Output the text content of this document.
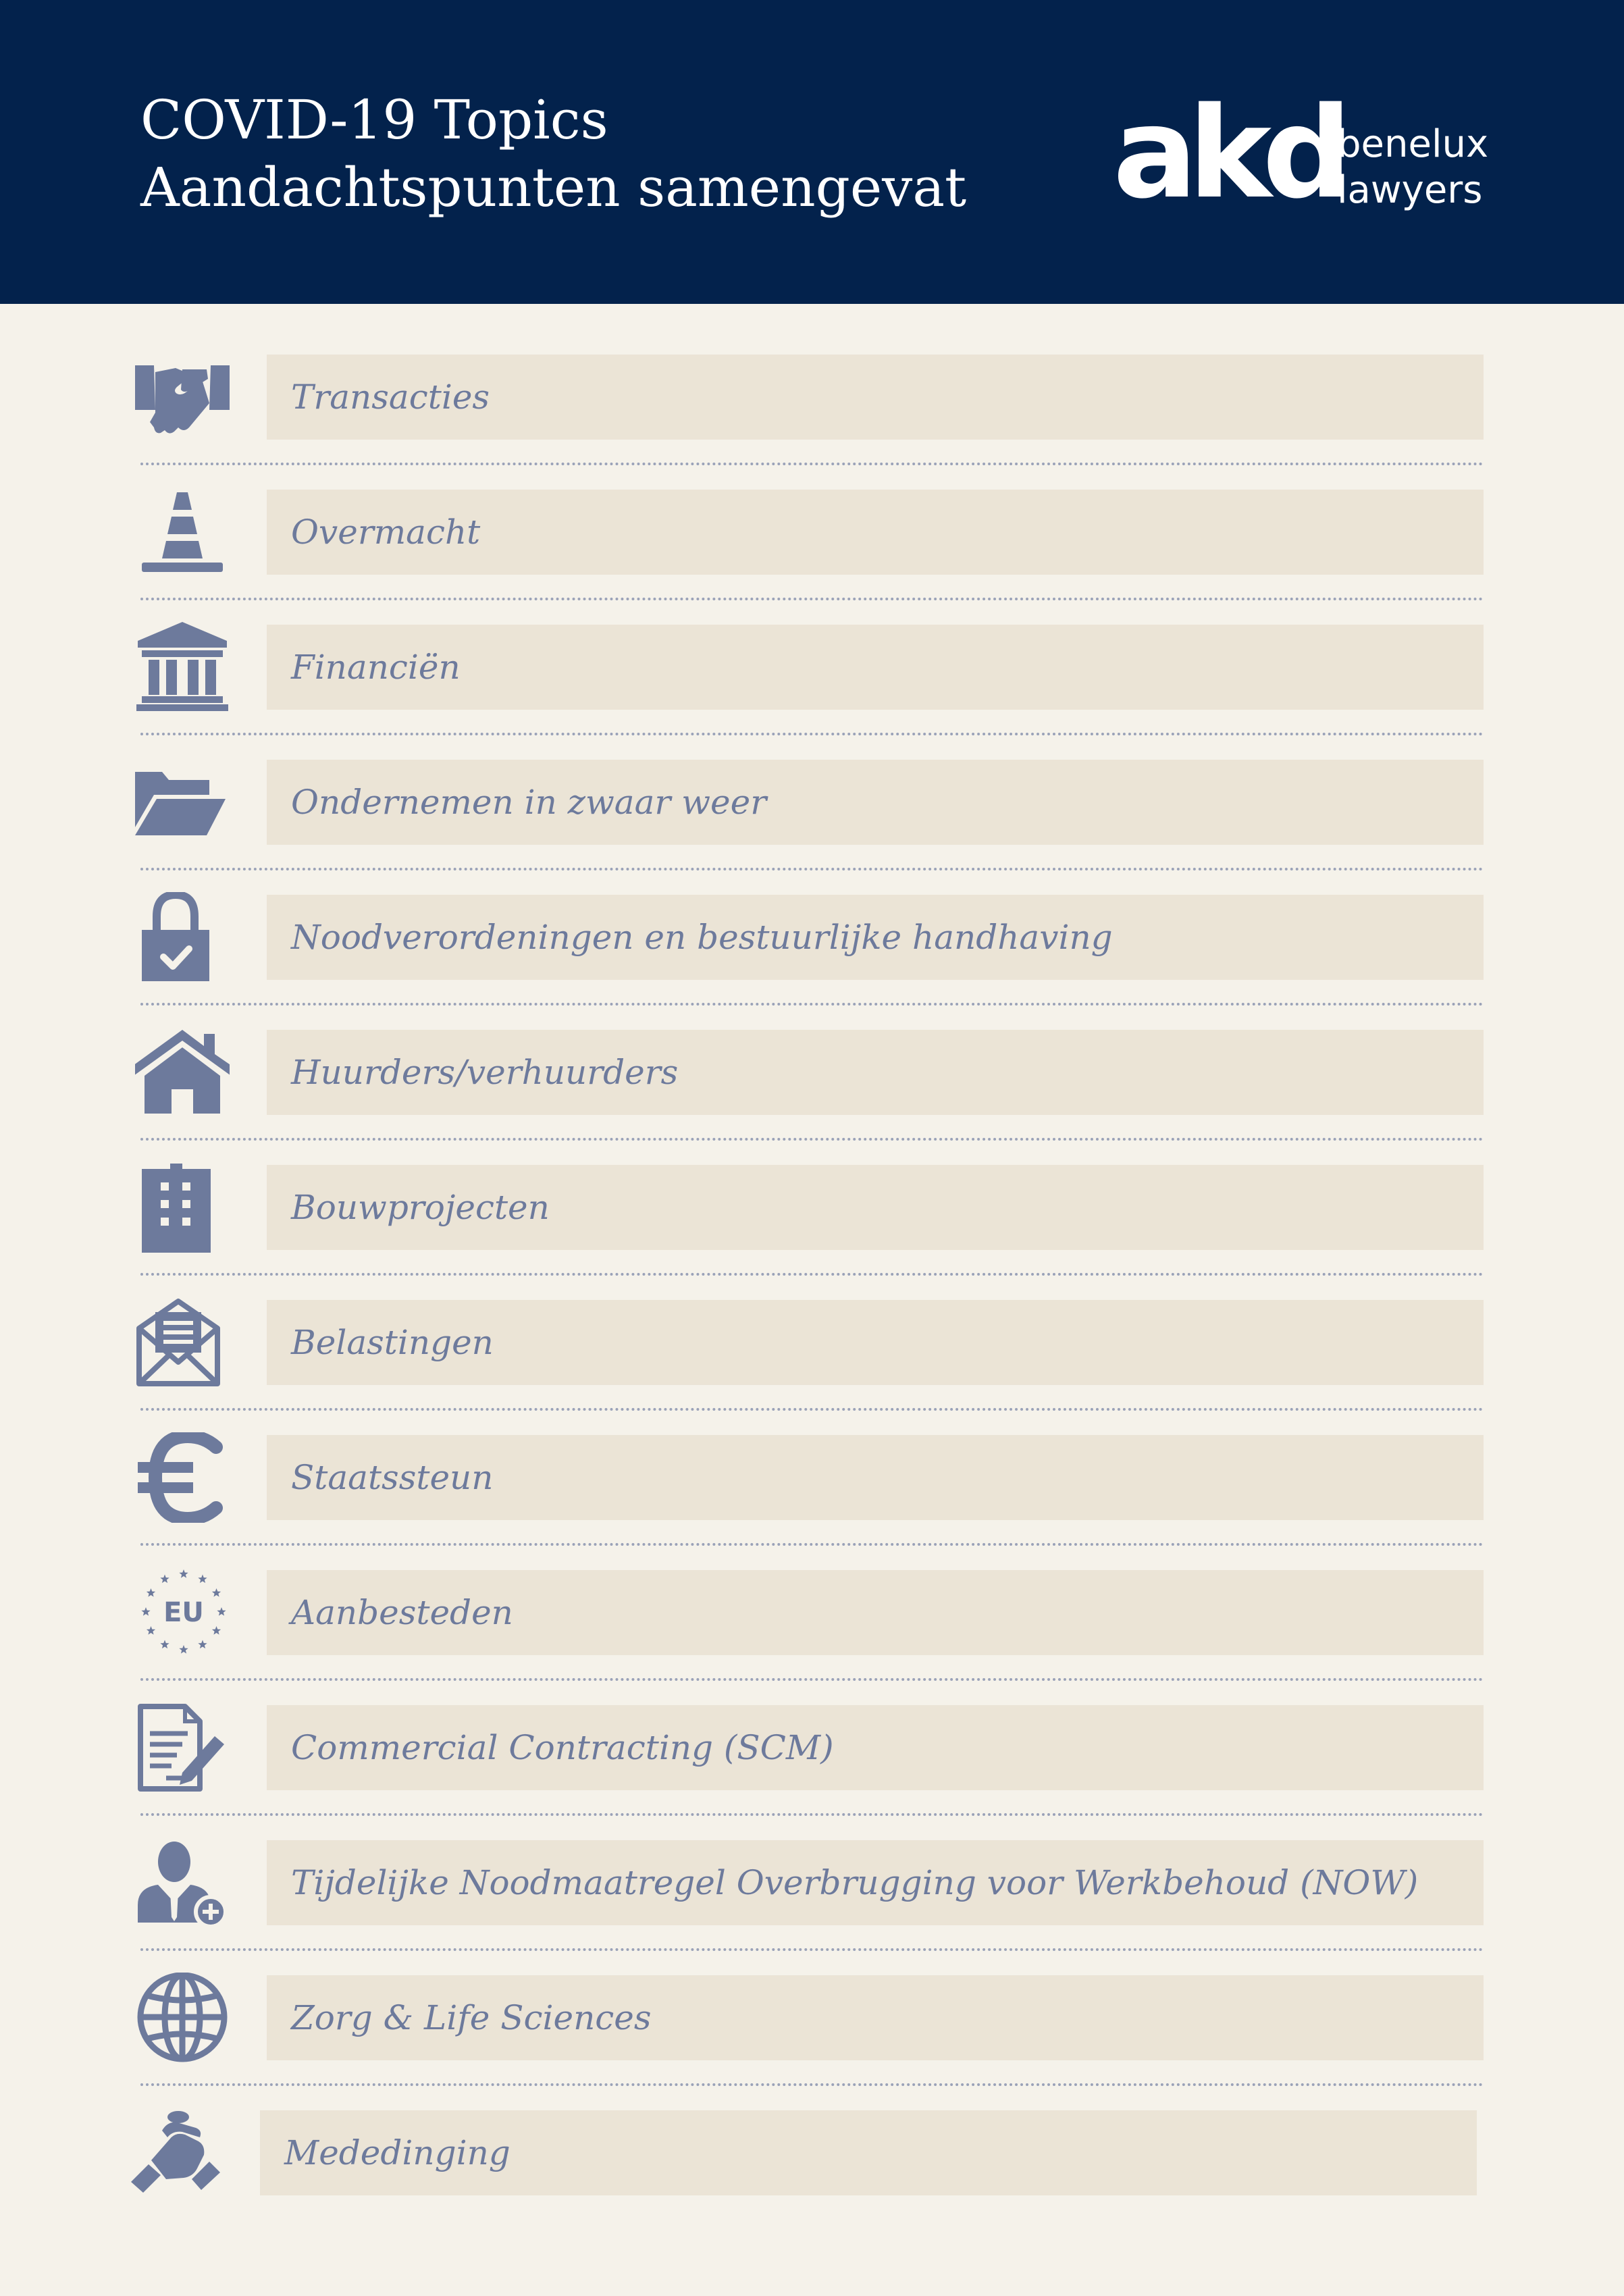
COVID-19 Topics
Aandachtspunten samengevat akd
benelux
lawyers
Transacties
Overmacht
Financiën
Ondernemen in zwaar weer
Noodverordeningen en bestuurlijke handhaving
Huurders/verhuurders
Bouwprojecten
Belastingen
Staatssteun
EU	Aanbesteden
Commercial Contracting (SCM)
Tijdelijke Noodmaatregel Overbrugging voor Werkbehoud (NOW)
Zorg & Life Sciences
Mededinging
